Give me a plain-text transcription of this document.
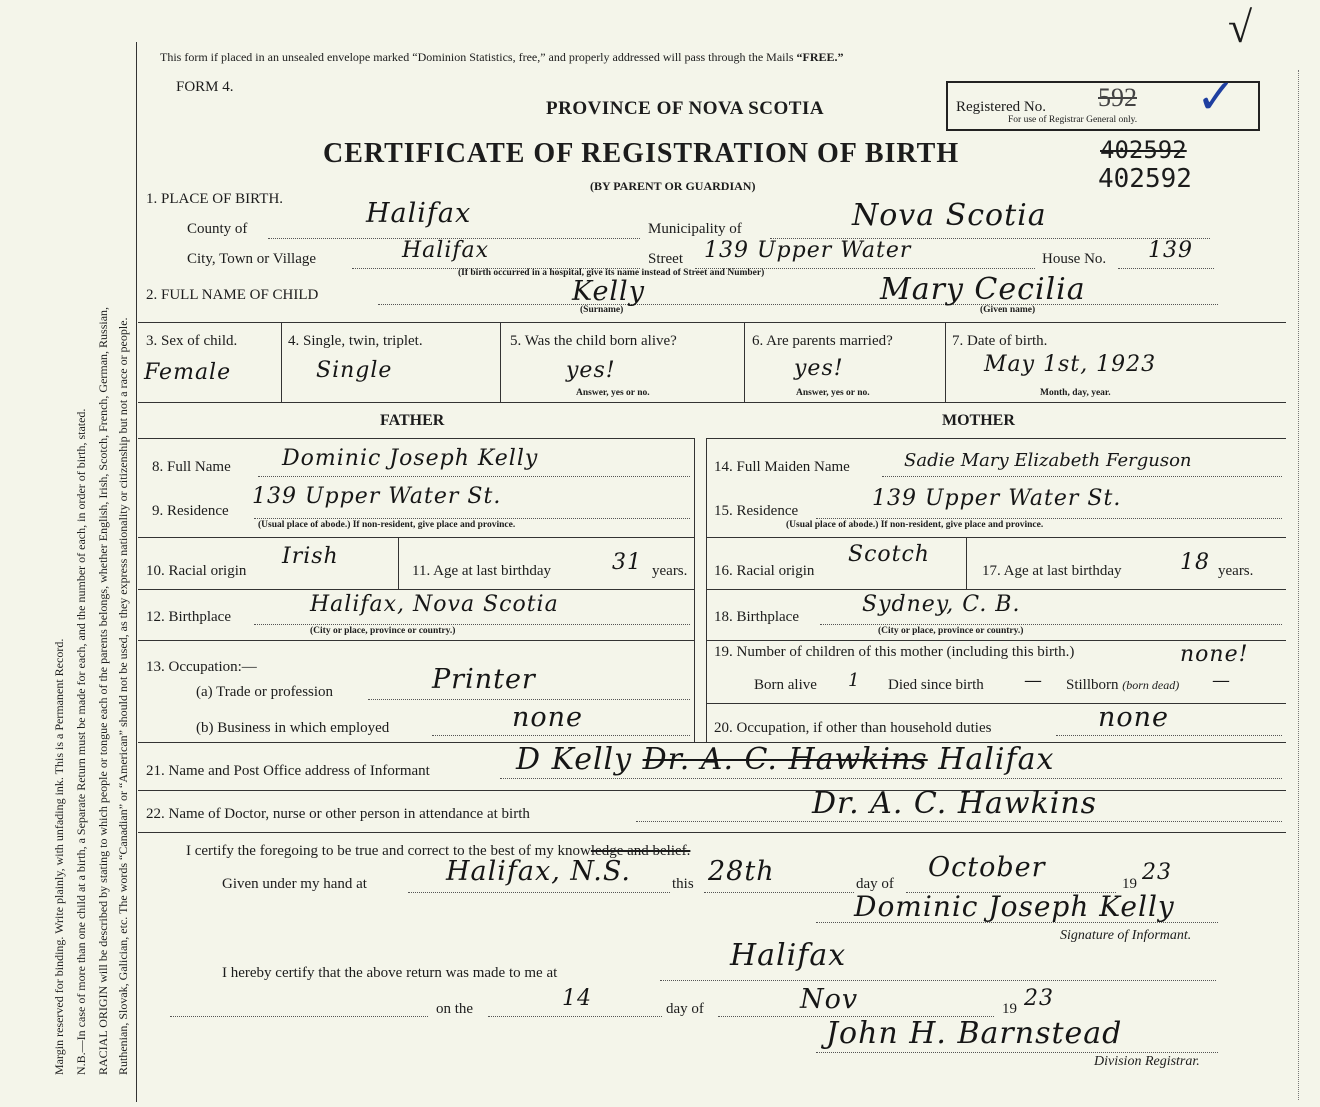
Margin reserved for binding. Write plainly, with unfading ink. This is a Permanent Record. N.B.—In case of more than one child at a birth, a Separate Return must be made for each, and the number of each, in order of birth, stated. RACIAL ORIGIN will be described by stating to which people or tongue each of the parents belongs, whether English, Irish, Scotch, French, German, Russian, Ruthenian, Slovak, Galician, etc. The words “Canadian” or “American” should not be used, as they express nationality or citizenship but not a race or people.
This form if placed in an unsealed envelope marked “Dominion Statistics, free,” and properly addressed will pass through the Mails “FREE.”
FORM 4.
PROVINCE OF NOVA SCOTIA
CERTIFICATE OF REGISTRATION OF BIRTH
(BY PARENT OR GUARDIAN)
Registered No. 592
For use of Registrar General only. ✓
402592
402592
√
1. PLACE OF BIRTH.
County of	Halifax	Municipality of	Nova Scotia
City, Town or Village	Halifax	Street 139 Upper Water	House No. 139
(If birth occurred in a hospital, give its name instead of Street and Number)
2. FULL NAME OF CHILD	Kelly
(Surname)
Mary Cecilia
(Given name)
3. Sex of child.
Female
4. Single, twin, triplet.
Single
5. Was the child born alive?
yes!
Answer, yes or no.
6. Are parents married?
yes!
Answer, yes or no.
7. Date of birth.
May 1st, 1923
Month, day, year.
FATHER	MOTHER
8. Full Name Dominic Joseph Kelly
9. Residence
139 Upper Water St.
(Usual place of abode.) If non-resident, give place and province.
10. Racial origin
Irish
11. Age at last birthday	31 years.
12. Birthplace	Halifax, Nova Scotia
(City or place, province or country.)
13. Occupation:—
(a) Trade or profession	Printer
(b) Business in which employed	none
14. Full Maiden Name	Sadie Mary Elizabeth Ferguson
15. Residence	139 Upper Water St.
(Usual place of abode.) If non-resident, give place and province.
16. Racial origin
Scotch
17. Age at last birthday	18 years.
18. Birthplace	Sydney, C. B.
(City or place, province or country.)
19. Number of children of this mother (including this birth.)	none!
Born alive 1 Died since birth — Stillborn (born dead) —
20. Occupation, if other than household duties	none
21. Name and Post Office address of Informant	D Kelly Dr. A. C. Hawkins Halifax
22. Name of Doctor, nurse or other person in attendance at birth	Dr. A. C. Hawkins
I certify the foregoing to be true and correct to the best of my knowledge and belief.
Given under my hand at	Halifax, N.S.	this 28th	day of
October
19 23
Dominic Joseph Kelly
Signature of Informant.
I hereby certify that the above return was made to me at	Halifax
on the	14	day of	Nov	19 23
John H. Barnstead
Division Registrar.
